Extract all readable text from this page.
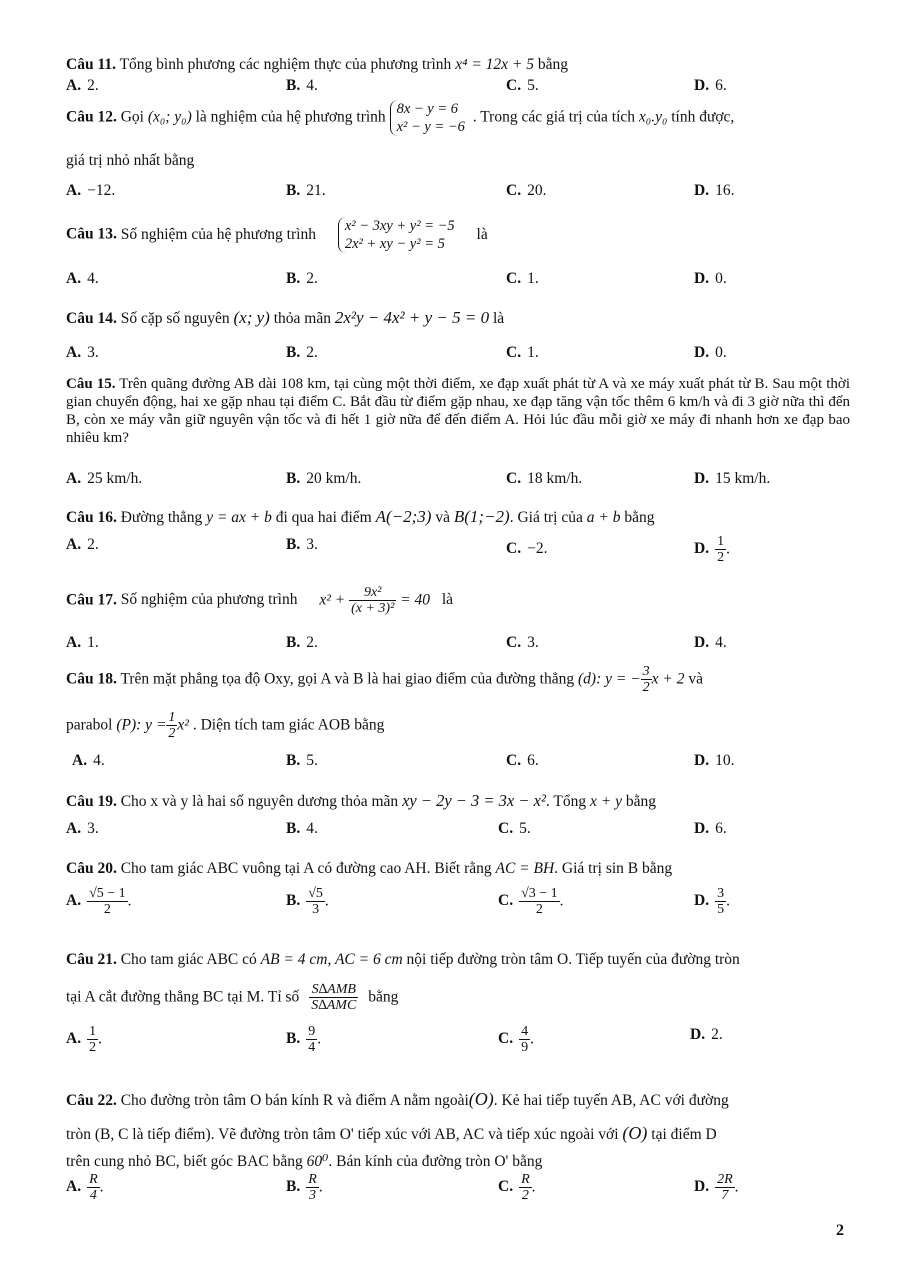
Câu 11. Tổng bình phương các nghiệm thực của phương trình x⁴ = 12x + 5 bằng
A. 2.	B. 4.	C. 5.	D. 6.
Câu 12. Gọi (x₀; y₀) là nghiệm của hệ phương trình 8x − y = 6
x² − y = −6
. Trong các giá trị của tích x₀.y₀ tính được,
giá trị nhỏ nhất bằng
A. −12.	B. 21.	C. 20.	D. 16.
Câu 13. Số nghiệm của hệ phương trình x² − 3xy + y² = −5
2x² + xy − y² = 5
là
A. 4.	B. 2.	C. 1.	D. 0.
Câu 14. Số cặp số nguyên (x; y) thỏa mãn 2x²y − 4x² + y − 5 = 0 là
A. 3.	B. 2.	C. 1.	D. 0.
Câu 15. Trên quãng đường AB dài 108 km, tại cùng một thời điểm, xe đạp xuất phát từ A và xe máy xuất phát từ B. Sau một thời gian chuyển động, hai xe gặp nhau tại điểm C. Bắt đầu từ điểm gặp nhau, xe đạp tăng vận tốc thêm 6 km/h và đi 3 giờ nữa thì đến B, còn xe máy vẫn giữ nguyên vận tốc và đi hết 1 giờ nữa để đến điểm A. Hỏi lúc đầu mỗi giờ xe máy đi nhanh hơn xe đạp bao nhiêu km?
A. 25 km/h.	B. 20 km/h.	C. 18 km/h.	D. 15 km/h.
Câu 16. Đường thẳng y = ax + b đi qua hai điểm A(−2;3) và B(1;−2). Giá trị của a + b bằng
A. 2.	B. 3.	C. −2.	D. $\frac{1}{2}$ .
Câu 17. Số nghiệm của phương trình $x^2 + \frac{\text{9x²}}{\text{(x + 3)²}} = 40$ là
A. 1.	B. 2.	C. 3.	D. 4.
Câu 18. Trên mặt phẳng tọa độ Oxy, gọi A và B là hai giao điểm của đường thẳng (d): y = − $\frac{3}{2}$ x + 2 và
parabol (P): $y = \frac{1}{2} x^2$ . Diện tích tam giác AOB bằng
A. 4.	B. 5.	C. 6.	D. 10.
Câu 19. Cho x và y là hai số nguyên dương thỏa mãn xy − 2y − 3 = 3x − x². Tổng x + y bằng
A. 3.	B. 4.	C. 5.	D. 6.
Câu 20. Cho tam giác ABC vuông tại A có đường cao AH. Biết rằng AC = BH. Giá trị sin B bằng
A. $\frac{√5 - 1}{2}$ .	B. $\frac{√5}{3}$ .	C. $\frac{√3 - 1}{2}$ .	D. $\frac{3}{5}$ .
Câu 21. Cho tam giác ABC có AB = 4 cm, AC = 6 cm nội tiếp đường tròn tâm O. Tiếp tuyến của đường tròn
tại A cắt đường thẳng BC tại M. Tỉ số $\frac{\text{S∆AMB}}{\text{S∆AMC}}$ bằng
A. $\frac{1}{2}$ .	B. $\frac{9}{4}$ .	C. $\frac{4}{9}$ .	D. 2.
Câu 22. Cho đường tròn tâm O bán kính R và điểm A nằm ngoài(O). Kẻ hai tiếp tuyến AB, AC với đường
tròn (B, C là tiếp điểm). Vẽ đường tròn tâm O' tiếp xúc với AB, AC và tiếp xúc ngoài với (O) tại điểm D
trên cung nhỏ BC, biết góc BAC bằng 60⁰. Bán kính của đường tròn O' bằng
A. $\frac{R}{4}$ .	B. $\frac{R}{3}$ .	C. $\frac{R}{2}$ .	D. $\frac{2R}{7}$ .
2
